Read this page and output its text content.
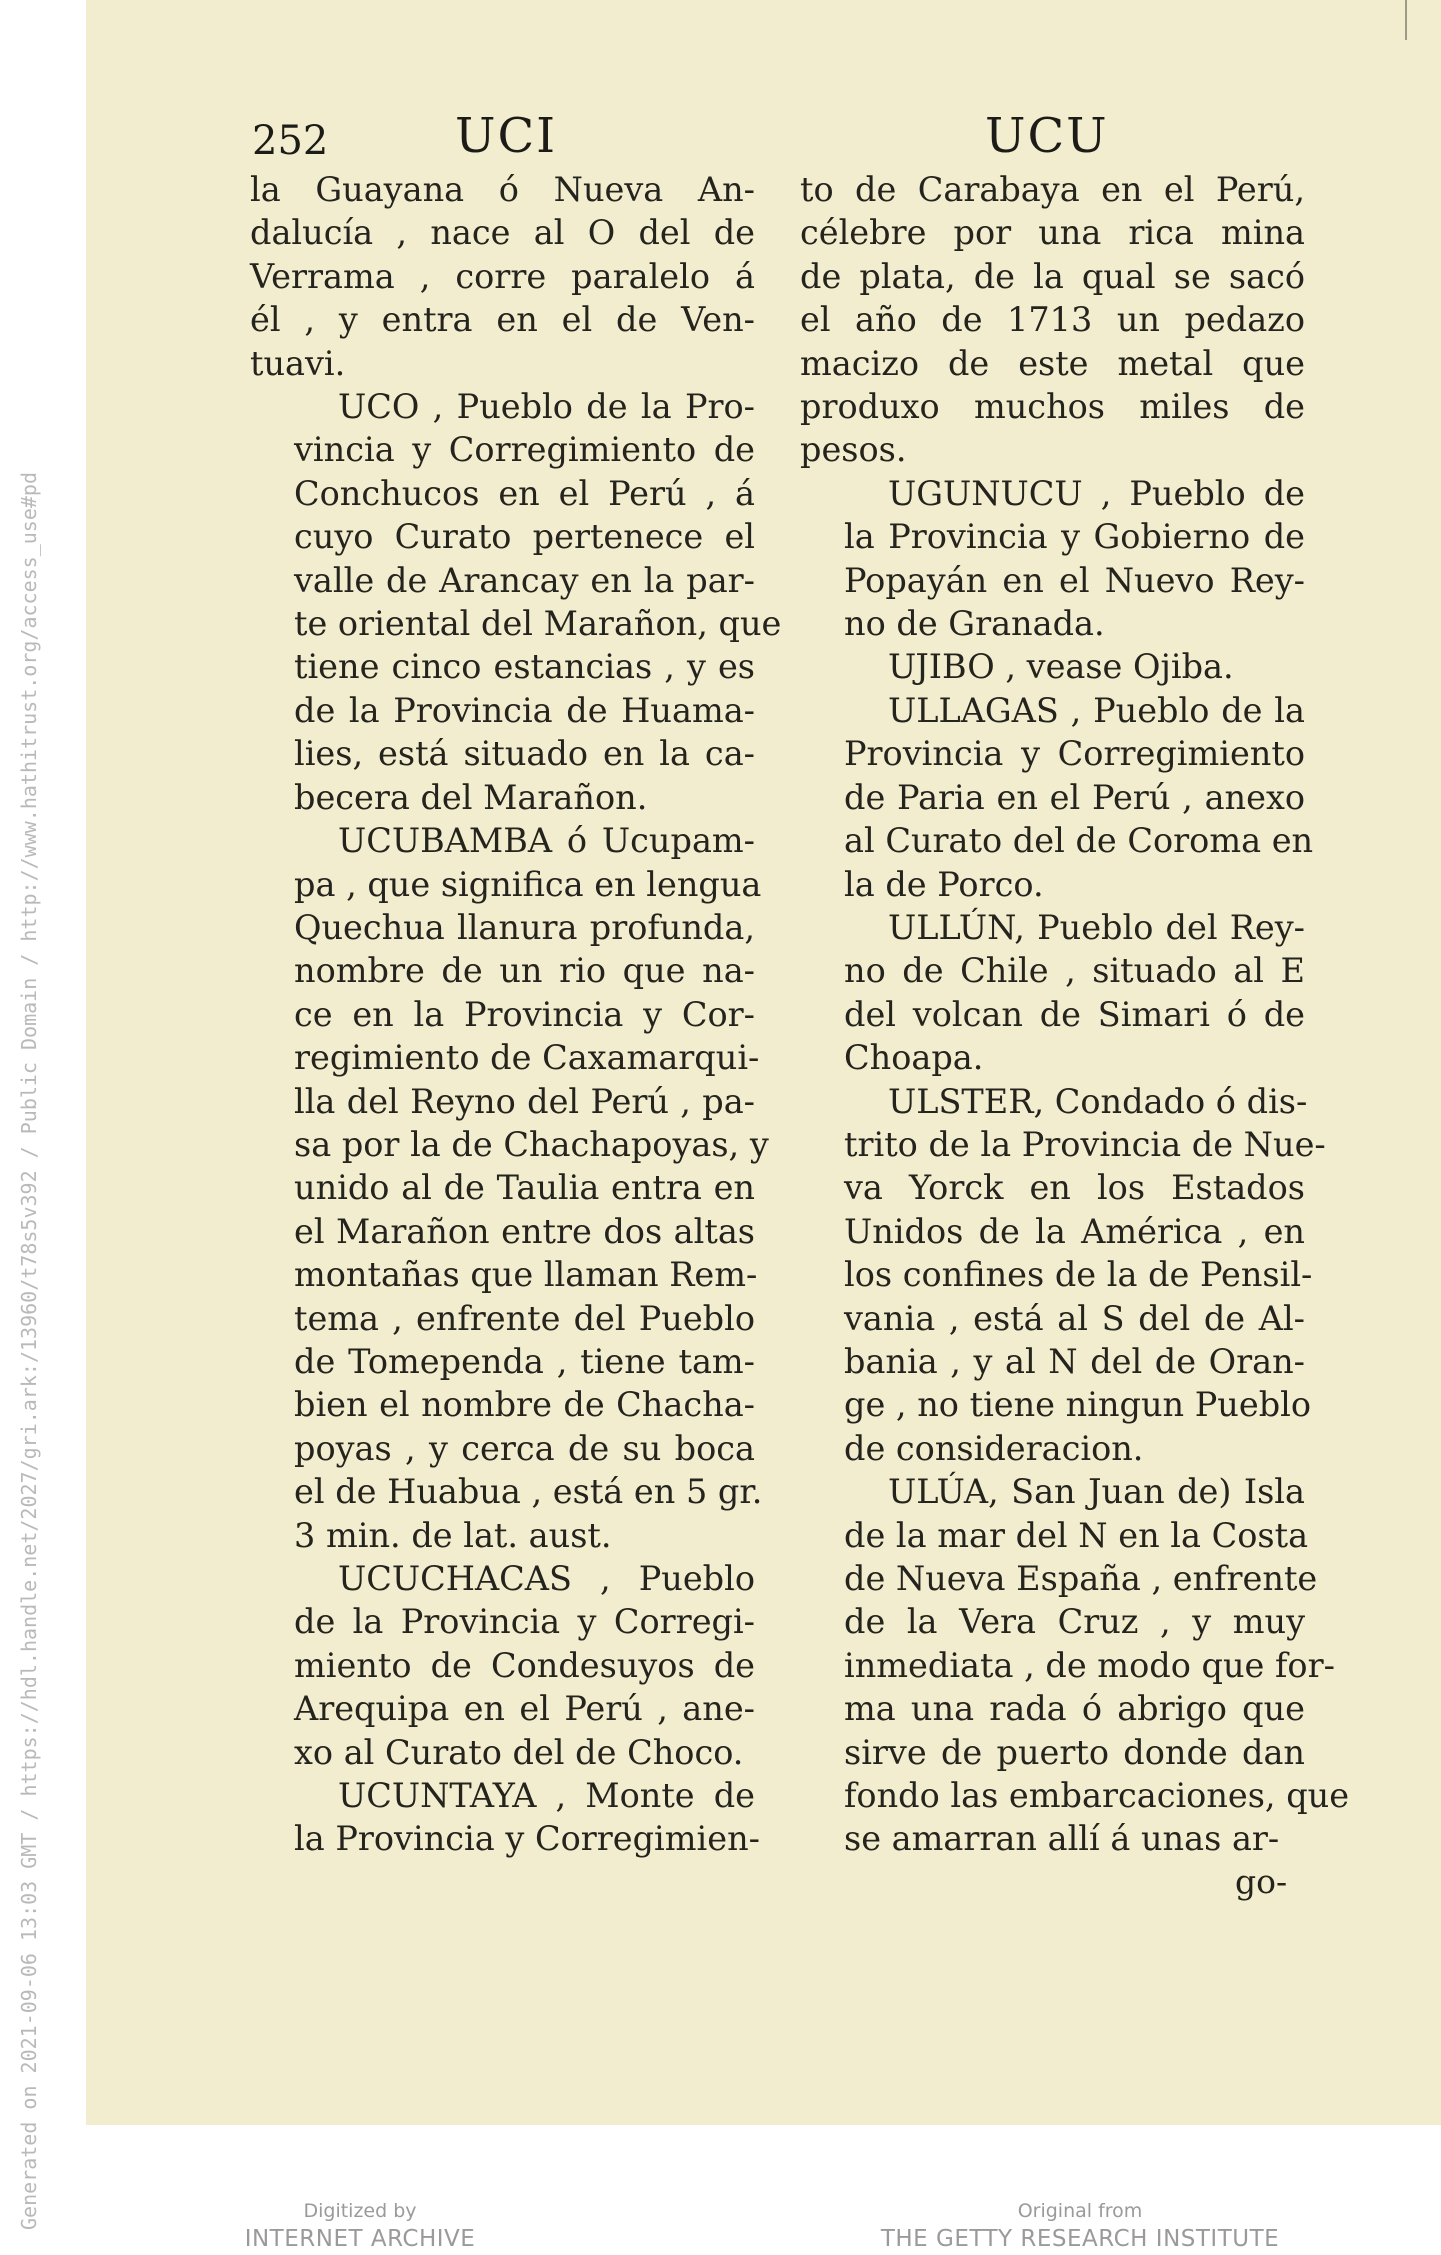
Generated on 2021-09-06 13:03 GMT / https://hdl.handle.net/2027/gri.ark:/13960/t78s5v392 / Public Domain / http://www.hathitrust.org/access_use#pd
252	UCI	UCU

la Guayana ó Nueva An-
dalucía , nace al O del de
Verrama , corre paralelo á
él , y entra en el de Ven-
tuavi.

UCO , Pueblo de la Pro-
vincia y Corregimiento de
Conchucos en el Perú , á
cuyo Curato pertenece el
valle de Arancay en la par-
te oriental del Marañon, que
tiene cinco estancias , y es
de la Provincia de Huama-
lies, está situado en la ca-
becera del Marañon.

UCUBAMBA ó Ucupam-
pa , que significa en lengua
Quechua llanura profunda,
nombre de un rio que na-
ce en la Provincia y Cor-
regimiento de Caxamarqui-
lla del Reyno del Perú , pa-
sa por la de Chachapoyas, y
unido al de Taulia entra en
el Marañon entre dos altas
montañas que llaman Rem-
tema , enfrente del Pueblo
de Tomependa , tiene tam-
bien el nombre de Chacha-
poyas , y cerca de su boca
el de Huabua , está en 5 gr.
3 min. de lat. aust.

UCUCHACAS , Pueblo
de la Provincia y Corregi-
miento de Condesuyos de
Arequipa en el Perú , ane-
xo al Curato del de Choco.

UCUNTAYA , Monte de
la Provincia y Corregimien-

to de Carabaya en el Perú,
célebre por una rica mina
de plata, de la qual se sacó
el año de 1713 un pedazo
macizo de este metal que
produxo muchos miles de
pesos.

UGUNUCU , Pueblo de
la Provincia y Gobierno de
Popayán en el Nuevo Rey-
no de Granada.

UJIBO , vease Ojiba.

ULLAGAS , Pueblo de la
Provincia y Corregimiento
de Paria en el Perú , anexo
al Curato del de Coroma en
la de Porco.

ULLÚN, Pueblo del Rey-
no de Chile , situado al E
del volcan de Simari ó de
Choapa.

ULSTER, Condado ó dis-
trito de la Provincia de Nue-
va Yorck en los Estados
Unidos de la América , en
los confines de la de Pensil-
vania , está al S del de Al-
bania , y al N del de Oran-
ge , no tiene ningun Pueblo
de consideracion.

ULÚA, San Juan de) Isla
de la mar del N en la Costa
de Nueva España , enfrente
de la Vera Cruz , y muy
inmediata , de modo que for-
ma una rada ó abrigo que
sirve de puerto donde dan
fondo las embarcaciones, que
se amarran allí á unas ar-

go-
Digitized by
INTERNET ARCHIVE
Original from
THE GETTY RESEARCH INSTITUTE
